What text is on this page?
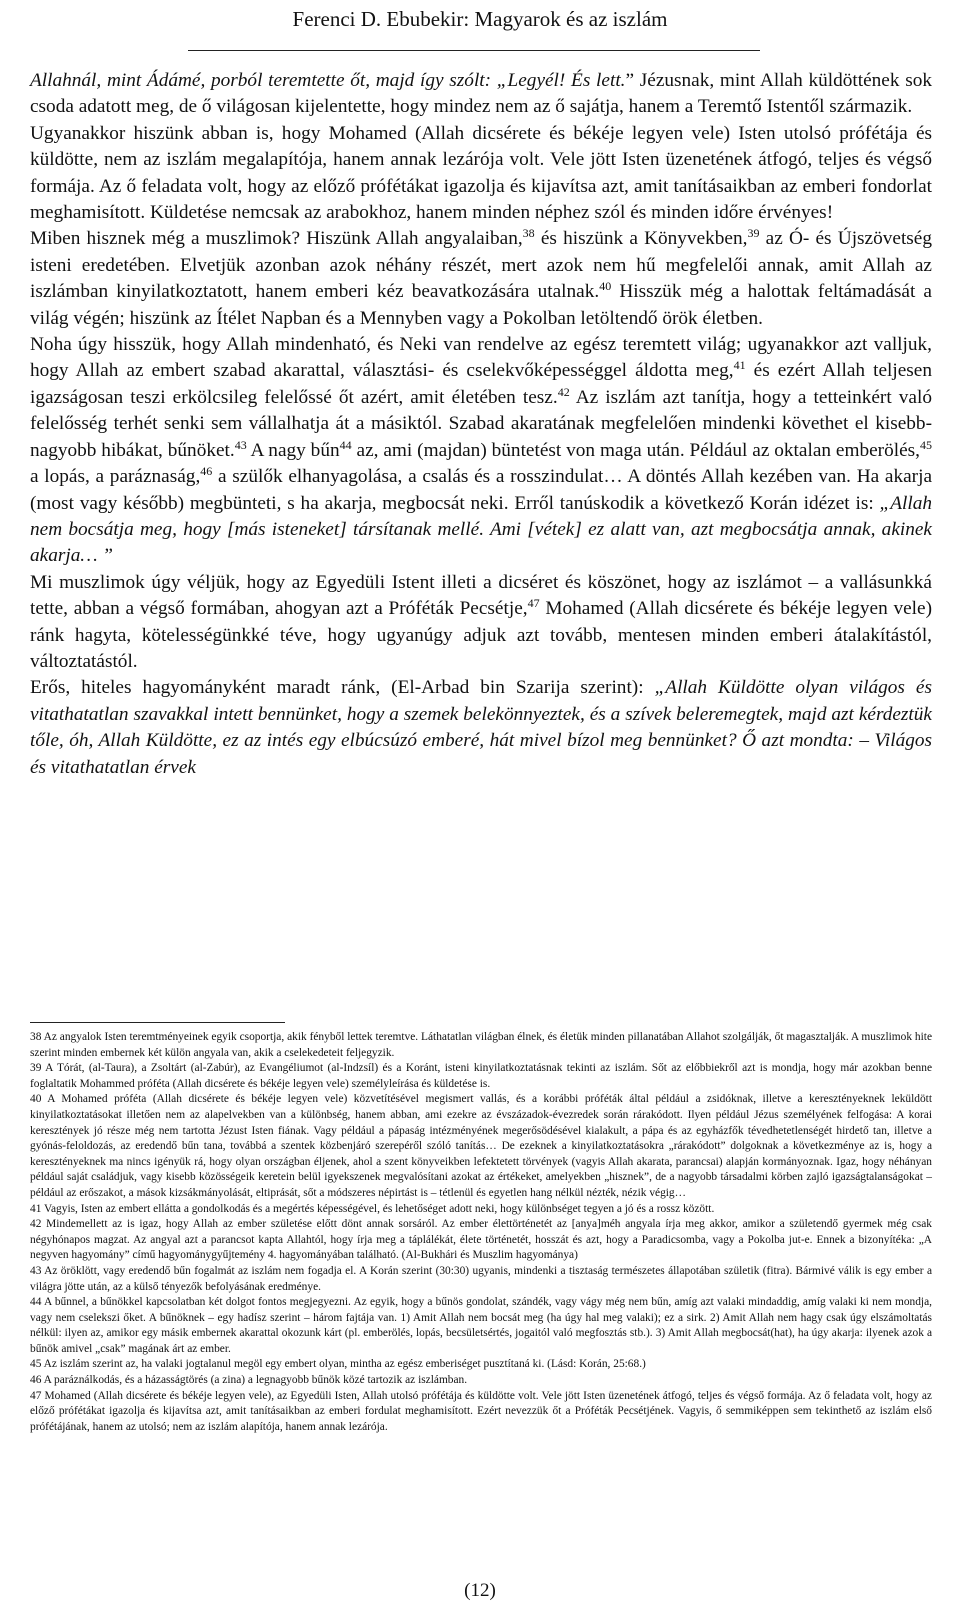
Ferenci D. Ebubekir: Magyarok és az iszlám

Allahnál, mint Ádámé, porból teremtette őt, majd így szólt: „Legyél! És lett.” Jézusnak, mint Allah küldöttének sok csoda adatott meg, de ő világosan kijelentette, hogy mindez nem az ő sajátja, hanem a Teremtő Istentől származik.

Ugyanakkor hiszünk abban is, hogy Mohamed (Allah dicsérete és békéje legyen vele) Isten utolsó prófétája és küldötte, nem az iszlám megalapítója, hanem annak lezárója volt. Vele jött Isten üzenetének átfogó, teljes és végső formája. Az ő feladata volt, hogy az előző prófétákat igazolja és kijavítsa azt, amit tanításaikban az emberi fondorlat meghamisított. Küldetése nemcsak az arabokhoz, hanem minden néphez szól és minden időre érvényes!

Miben hisznek még a muszlimok? Hiszünk Allah angyalaiban,$^{38}$ és hiszünk a Könyvekben,$^{39}$ az Ó- és Újszövetség isteni eredetében. Elvetjük azonban azok néhány részét, mert azok nem hű megfelelői annak, amit Allah az iszlámban kinyilatkoztatott, hanem emberi kéz beavatkozására utalnak.$^{40}$ Hisszük még a halottak feltámadását a világ végén; hiszünk az Ítélet Napban és a Mennyben vagy a Pokolban letöltendő örök életben.

Noha úgy hisszük, hogy Allah mindenható, és Neki van rendelve az egész teremtett világ; ugyanakkor azt valljuk, hogy Allah az embert szabad akarattal, választási- és cselekvőképességgel áldotta meg,$^{41}$ és ezért Allah teljesen igazságosan teszi erkölcsileg felelőssé őt azért, amit életében tesz.$^{42}$ Az iszlám azt tanítja, hogy a tetteinkért való felelősség terhét senki sem vállalhatja át a másiktól. Szabad akaratának megfelelően mindenki követhet el kisebb-nagyobb hibákat, bűnöket.$^{43}$ A nagy bűn$^{44}$ az, ami (majdan) büntetést von maga után. Például az oktalan emberölés,$^{45}$ a lopás, a paráznaság,$^{46}$ a szülők elhanyagolása, a csalás és a rosszindulat… A döntés Allah kezében van. Ha akarja (most vagy később) megbünteti, s ha akarja, megbocsát neki. Erről tanúskodik a következő Korán idézet is: „Allah nem bocsátja meg, hogy [más isteneket] társítanak mellé. Ami [vétek] ez alatt van, azt megbocsátja annak, akinek akarja… ”

Mi muszlimok úgy véljük, hogy az Egyedüli Istent illeti a dicséret és köszönet, hogy az iszlámot – a vallásunkká tette, abban a végső formában, ahogyan azt a Próféták Pecsétje,$^{47}$ Mohamed (Allah dicsérete és békéje legyen vele) ránk hagyta, kötelességünkké téve, hogy ugyanúgy adjuk azt tovább, mentesen minden emberi átalakítástól, változtatástól.

Erős, hiteles hagyományként maradt ránk, (El-Arbad bin Szarija szerint): „Allah Küldötte olyan világos és vitathatatlan szavakkal intett bennünket, hogy a szemek belekönnyeztek, és a szívek beleremegtek, majd azt kérdeztük tőle, óh, Allah Küldötte, ez az intés egy elbúcsúzó emberé, hát mivel bízol meg bennünket? Ő azt mondta: – Világos és vitathatatlan érvek

38 Az angyalok Isten teremtményeinek egyik csoportja, akik fényből lettek teremtve. Láthatatlan világban élnek, és életük minden pillanatában Allahot szolgálják, őt magasztalják. A muszlimok hite szerint minden embernek két külön angyala van, akik a cselekedeteit feljegyzik.

39 A Tórát, (al-Taura), a Zsoltárt (al-Zabúr), az Evangéliumot (al-Indzsíl) és a Koránt, isteni kinyilatkoztatásnak tekinti az iszlám. Sőt az előbbiekről azt is mondja, hogy már azokban benne foglaltatik Mohammed próféta (Allah dicsérete és békéje legyen vele) személyleírása és küldetése is.

40 A Mohamed próféta (Allah dicsérete és békéje legyen vele) közvetítésével megismert vallás, és a korábbi próféták által például a zsidóknak, illetve a keresztényeknek leküldött kinyilatkoztatásokat illetően nem az alapelvekben van a különbség, hanem abban, ami ezekre az évszázadok-évezredek során rárakódott. Ilyen például Jézus személyének felfogása: A korai keresztények jó része még nem tartotta Jézust Isten fiának. Vagy például a pápaság intézményének megerősödésével kialakult, a pápa és az egyházfők tévedhetetlenségét hirdető tan, illetve a gyónás-feloldozás, az eredendő bűn tana, továbbá a szentek közbenjáró szerepéről szóló tanítás… De ezeknek a kinyilatkoztatásokra „rárakódott” dolgoknak a következménye az is, hogy a keresztényeknek ma nincs igényük rá, hogy olyan országban éljenek, ahol a szent könyveikben lefektetett törvények (vagyis Allah akarata, parancsai) alapján kormányoznak. Igaz, hogy néhányan például saját családjuk, vagy kisebb közösségeik keretein belül igyekszenek megvalósítani azokat az értékeket, amelyekben „hisznek”, de a nagyobb társadalmi körben zajló igazságtalanságokat – például az erőszakot, a mások kizsákmányolását, eltiprását, sőt a módszeres népirtást is – tétlenül és egyetlen hang nélkül nézték, nézik végig…

41 Vagyis, Isten az embert ellátta a gondolkodás és a megértés képességével, és lehetőséget adott neki, hogy különbséget tegyen a jó és a rossz között.

42 Mindemellett az is igaz, hogy Allah az ember születése előtt dönt annak sorsáról. Az ember élettörténetét az [anya]méh angyala írja meg akkor, amikor a születendő gyermek még csak négyhónapos magzat. Az angyal azt a parancsot kapta Allahtól, hogy írja meg a táplálékát, élete történetét, hosszát és azt, hogy a Paradicsomba, vagy a Pokolba jut-e. Ennek a bizonyítéka: „A negyven hagyomány” című hagyománygyűjtemény 4. hagyományában található. (Al-Bukhári és Muszlim hagyománya)

43 Az öröklött, vagy eredendő bűn fogalmát az iszlám nem fogadja el. A Korán szerint (30:30) ugyanis, mindenki a tisztaság természetes állapotában születik (fitra). Bármivé válik is egy ember a világra jötte után, az a külső tényezők befolyásának eredménye.

44 A bűnnel, a bűnökkel kapcsolatban két dolgot fontos megjegyezni. Az egyik, hogy a bűnös gondolat, szándék, vagy vágy még nem bűn, amíg azt valaki mindaddig, amíg valaki ki nem mondja, vagy nem cselekszi őket. A bűnöknek – egy hadísz szerint – három fajtája van. 1) Amit Allah nem bocsát meg (ha úgy hal meg valaki); ez a sirk. 2) Amit Allah nem hagy csak úgy elszámoltatás nélkül: ilyen az, amikor egy másik embernek akarattal okozunk kárt (pl. emberölés, lopás, becsületsértés, jogaitól való megfosztás stb.). 3) Amit Allah megbocsát(hat), ha úgy akarja: ilyenek azok a bűnök amivel „csak” magának árt az ember.

45 Az iszlám szerint az, ha valaki jogtalanul megöl egy embert olyan, mintha az egész emberiséget pusztítaná ki. (Lásd: Korán, 25:68.)

46 A paráználkodás, és a házasságtörés (a zina) a legnagyobb bűnök közé tartozik az iszlámban.

47 Mohamed (Allah dicsérete és békéje legyen vele), az Egyedüli Isten, Allah utolsó prófétája és küldötte volt. Vele jött Isten üzenetének átfogó, teljes és végső formája. Az ő feladata volt, hogy az előző prófétákat igazolja és kijavítsa azt, amit tanításaikban az emberi fordulat meghamisított. Ezért nevezzük őt a Próféták Pecsétjének. Vagyis, ő semmiképpen sem tekinthető az iszlám első prófétájának, hanem az utolsó; nem az iszlám alapítója, hanem annak lezárója.

(12)
